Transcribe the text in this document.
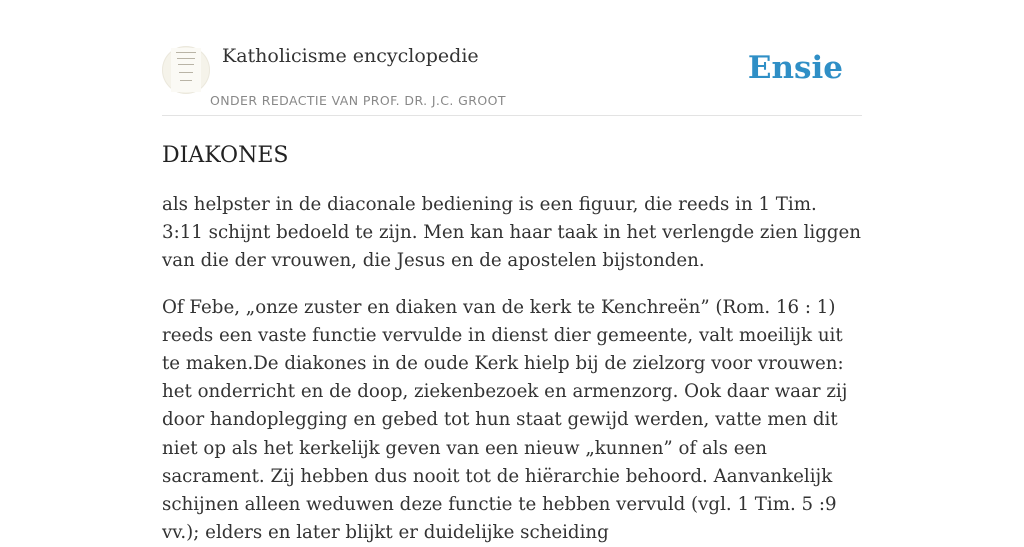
Katholicisme encyclopedie
ONDER REDACTIE VAN PROF. DR. J.C. GROOT
Ensie
DIAKONES

als helpster in de diaconale bediening is een figuur, die reeds in 1 Tim. 3:11 schijnt bedoeld te zijn. Men kan haar taak in het verlengde zien liggen van die der vrouwen, die Jesus en de apostelen bijstonden.

Of Febe, „onze zuster en diaken van de kerk te Kenchreën” (Rom. 16 : 1) reeds een vaste functie vervulde in dienst dier gemeente, valt moeilijk uit te maken.De diakones in de oude Kerk hielp bij de zielzorg voor vrouwen: het onderricht en de doop, ziekenbezoek en armenzorg. Ook daar waar zij door handoplegging en gebed tot hun staat gewijd werden, vatte men dit niet op als het kerkelijk geven van een nieuw „kunnen” of als een sacrament. Zij hebben dus nooit tot de hiërarchie behoord. Aanvankelijk schijnen alleen weduwen deze functie te hebben vervuld (vgl. 1 Tim. 5 :9 vv.); elders en later blijkt er duidelijke scheiding
